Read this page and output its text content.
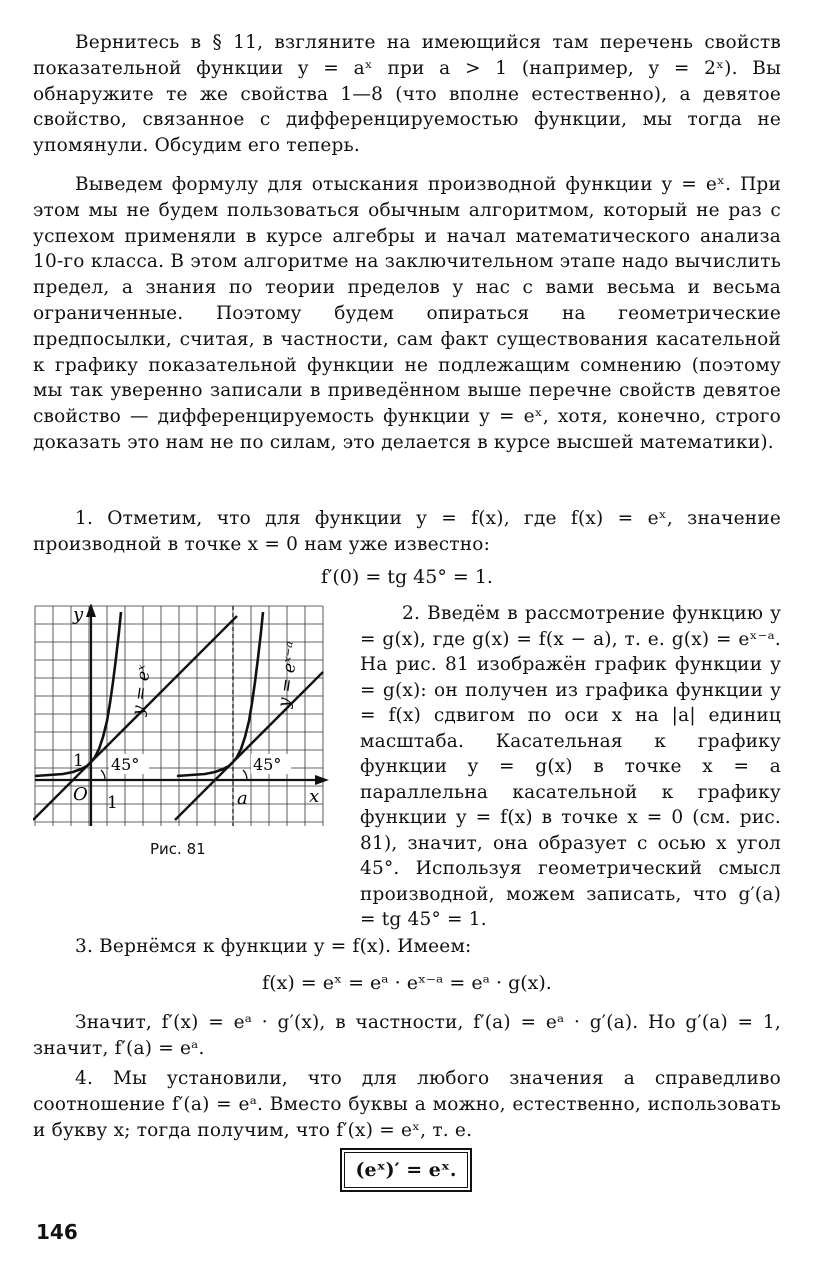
Вернитесь в § 11, взгляните на имеющийся там перечень свойств показательной функции y = aˣ при a > 1 (например, y = 2ˣ). Вы обнаружите те же свойства 1—8 (что вполне естественно), а девятое свойство, связанное с дифференцируемостью функции, мы тогда не упомянули. Обсудим его теперь.

Выведем формулу для отыскания производной функции y = eˣ. При этом мы не будем пользоваться обычным алгоритмом, который не раз с успехом применяли в курсе алгебры и начал математического анализа 10-го класса. В этом алгоритме на заключительном этапе надо вычислить предел, а знания по теории пределов у нас с вами весьма и весьма ограниченные. Поэтому будем опираться на геометрические предпосылки, считая, в частности, сам факт существования касательной к графику показательной функции не подлежащим сомнению (поэтому мы так уверенно записали в приведённом выше перечне свойств девятое свойство — дифференцируемость функции y = eˣ, хотя, конечно, строго доказать это нам не по силам, это делается в курсе высшей математики).

1. Отметим, что для функции y = f(x), где f(x) = eˣ, значение производной в точке x = 0 нам уже известно:

f′(0) = tg 45° = 1.

y
x
O
1
1	a
45°	45°
y = eˣ	y = eˣ⁻ᵃ
Рис. 81

2. Введём в рассмотрение функцию y = g(x), где g(x) = f(x − a), т. е. g(x) = eˣ⁻ᵃ. На рис. 81 изображён график функции y = g(x): он получен из графика функции y = f(x) сдвигом по оси x на |a| единиц масштаба. Касательная к графику функции y = g(x) в точке x = a параллельна касательной к графику функции y = f(x) в точке x = 0 (см. рис. 81), значит, она образует с осью x угол 45°. Используя геометрический смысл производной, можем записать, что g′(a) = tg 45° = 1.

3. Вернёмся к функции y = f(x). Имеем:

f(x) = eˣ = eᵃ · eˣ⁻ᵃ = eᵃ · g(x).

Значит, f′(x) = eᵃ · g′(x), в частности, f′(a) = eᵃ · g′(a). Но g′(a) = 1, значит, f′(a) = eᵃ.

4. Мы установили, что для любого значения a справедливо соотношение f′(a) = eᵃ. Вместо буквы a можно, естественно, использовать и букву x; тогда получим, что f′(x) = eˣ, т. е.

(eˣ)′ = eˣ.
146
